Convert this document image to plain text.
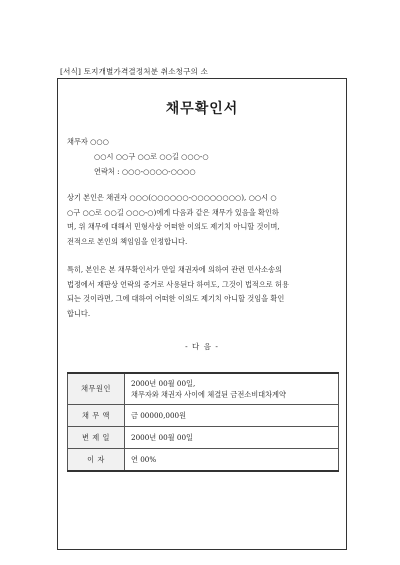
[서식] 토지개별가격결정처분 취소청구의 소
채무확인서
채무자 ○○○
○○시 ○○구 ○○로 ○○길 ○○○-○
연락처 : ○○○-○○○○-○○○○
상기 본인은 채권자 ○○○(○○○○○○-○○○○○○○○), ○○시 ○
○구 ○○로 ○○길 ○○○-○)에게 다음과 같은 채무가 있음을 확인하
며, 위 채무에 대해서 민형사상 어떠한 이의도 제기치 아니할 것이며,
전적으로 본인의 책임임을 인정합니다.
특히, 본인은 본 채무확인서가 만일 채권자에 의하여 관련 민사소송의
법정에서 재판상 언락의 증거로 사용된다 하여도, 그것이 법적으로 허용
되는 것이라면, 그에 대하여 어떠한 이의도 제기치 아니할 것임을 확인
합니다.
- 다 음 -
채무원인	2000년 00월 00일,
채무자와 채권자 사이에 체결된 금전소비대차계약

채 무 액	금 00000,000원
변 제 일	2000년 00월 00일
이 자	연 00%
